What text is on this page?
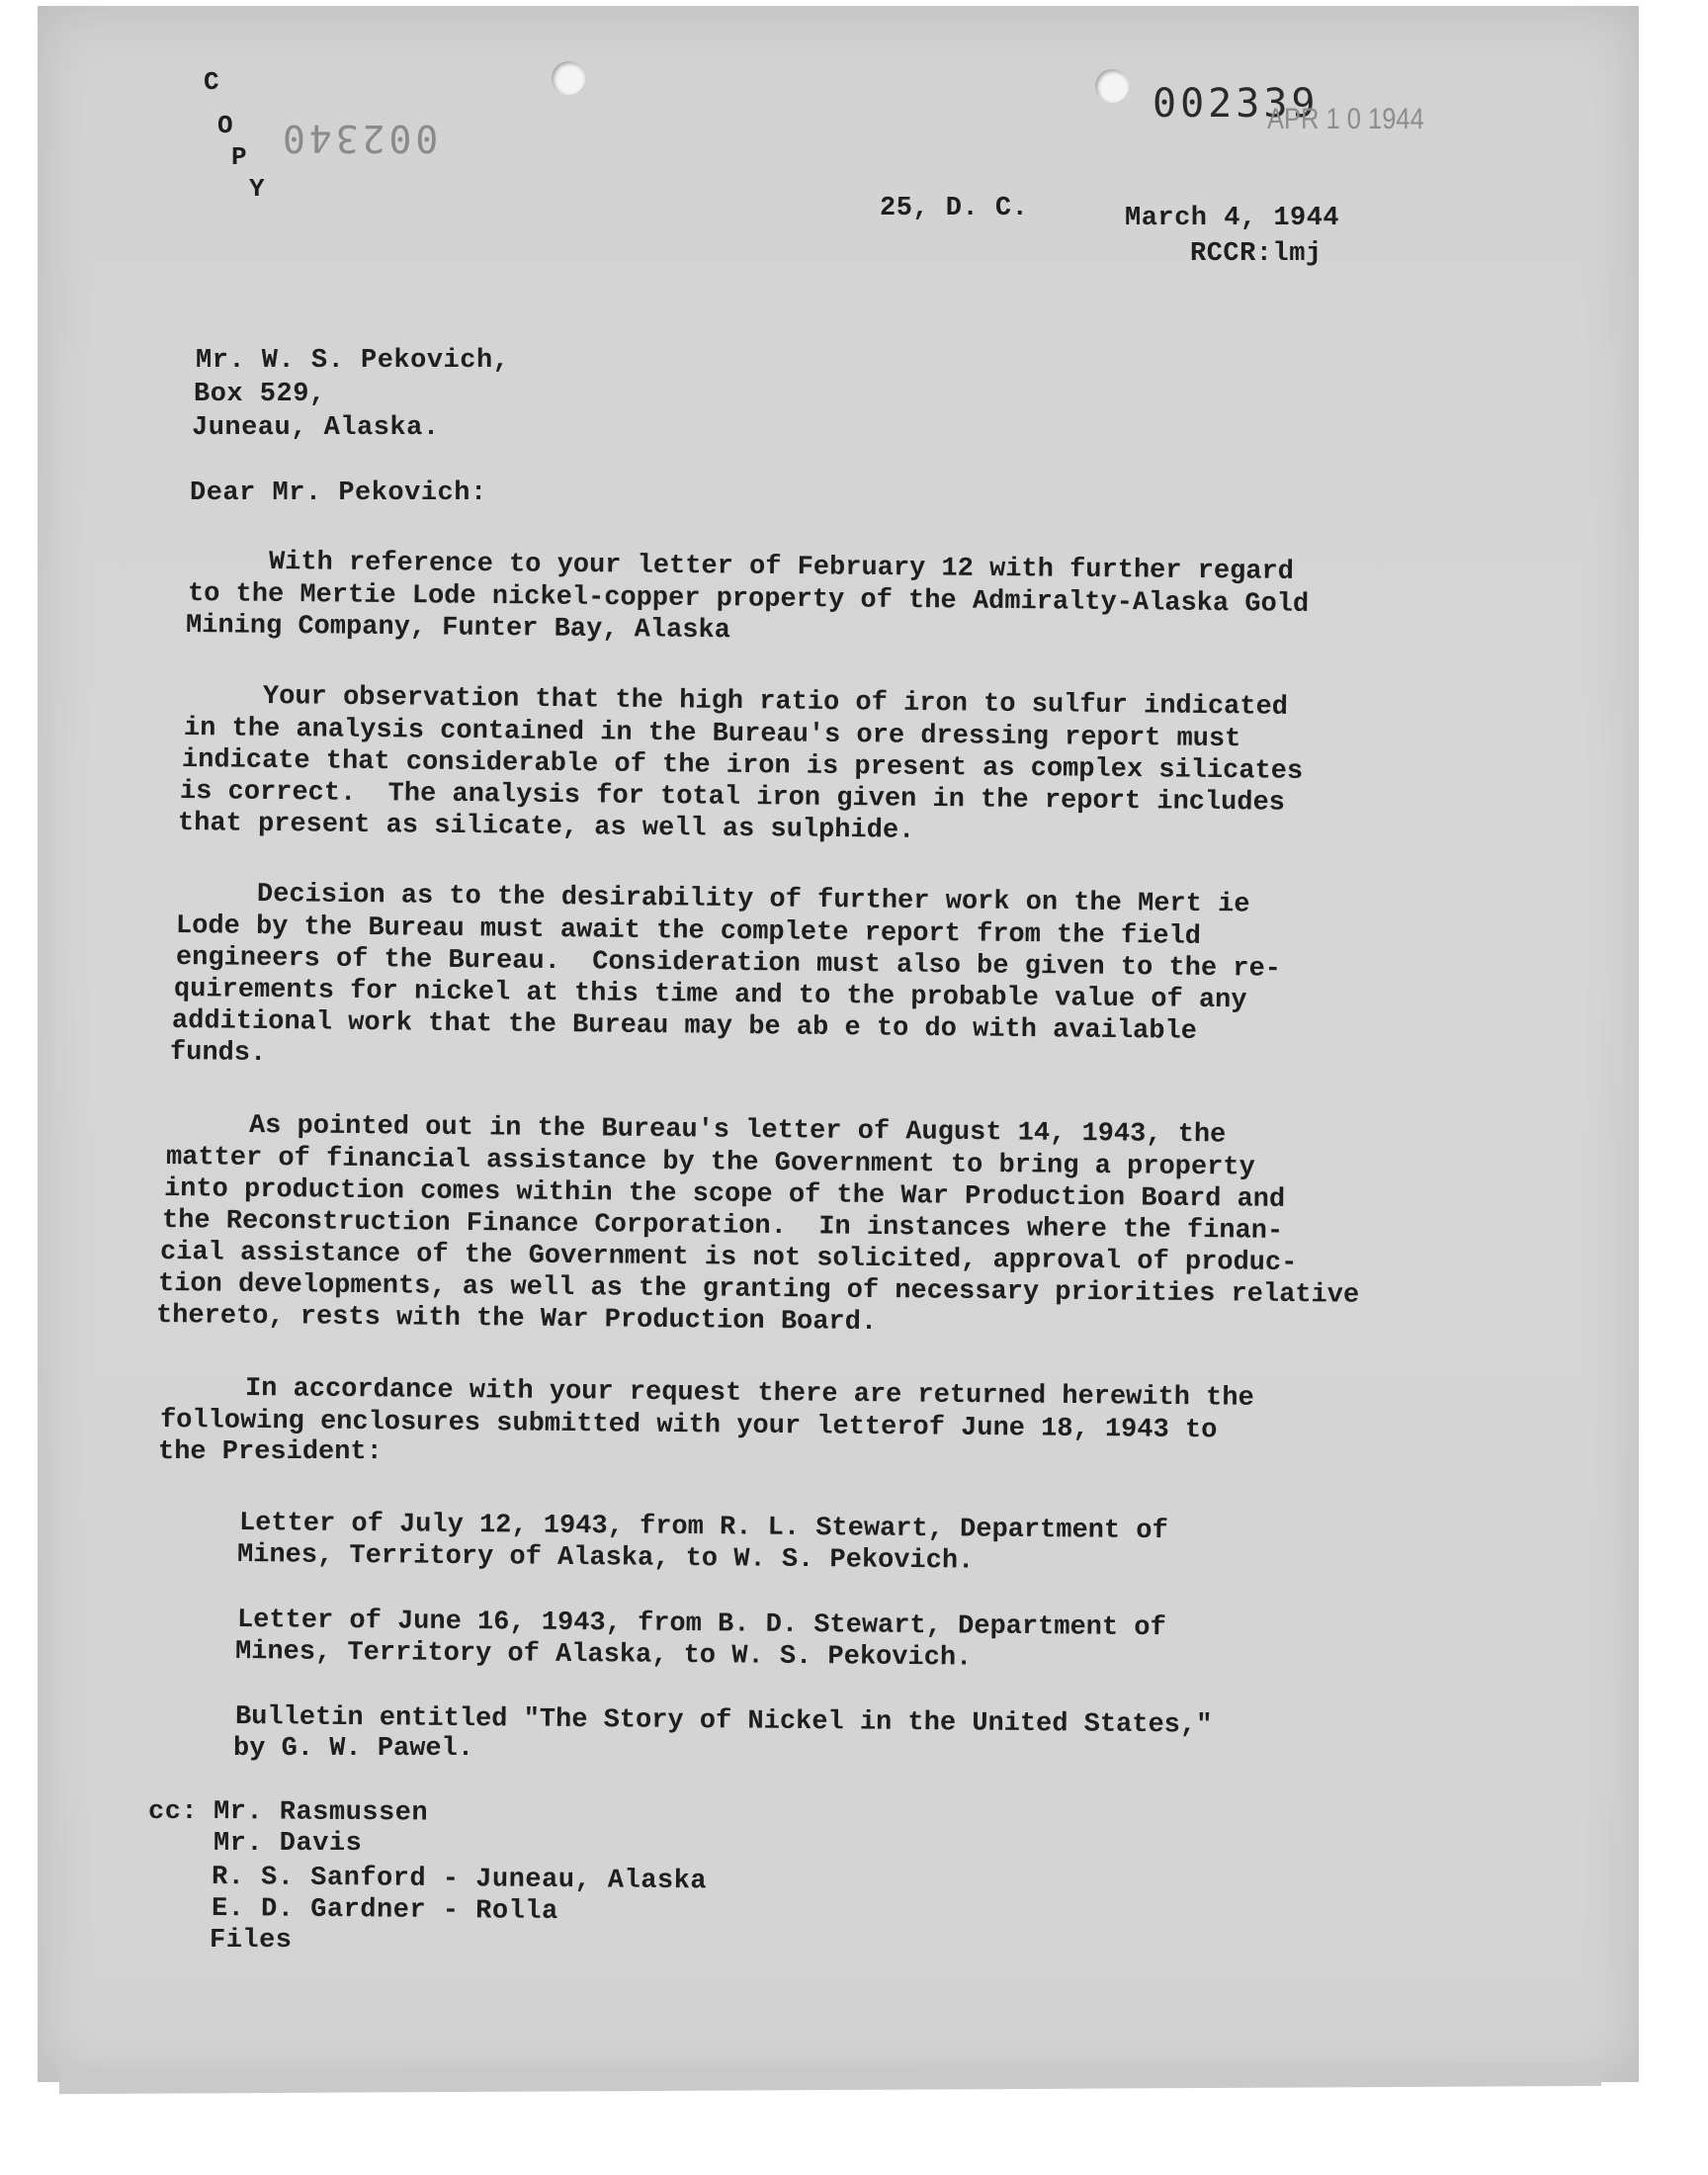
C
O
P
Y
002340
002339
APR 1 0 1944
25, D. C.	March 4, 1944
RCCR:lmj
Mr. W. S. Pekovich,
Box 529,
Juneau, Alaska.
Dear Mr. Pekovich:
With reference to your letter of February 12 with further regard
to the Mertie Lode nickel-copper property of the Admiralty-Alaska Gold
Mining Company, Funter Bay, Alaska
Your observation that the high ratio of iron to sulfur indicated
in the analysis contained in the Bureau's ore dressing report must
indicate that considerable of the iron is present as complex silicates
is correct.  The analysis for total iron given in the report includes
that present as silicate, as well as sulphide.
Decision as to the desirability of further work on the Mert ie
Lode by the Bureau must await the complete report from the field
engineers of the Bureau.  Consideration must also be given to the re-
quirements for nickel at this time and to the probable value of any
additional work that the Bureau may be ab e to do with available
funds.
As pointed out in the Bureau's letter of August 14, 1943, the
matter of financial assistance by the Government to bring a property
into production comes within the scope of the War Production Board and
the Reconstruction Finance Corporation.  In instances where the finan-
cial assistance of the Government is not solicited, approval of produc-
tion developments, as well as the granting of necessary priorities relative
thereto, rests with the War Production Board.
In accordance with your request there are returned herewith the
following enclosures submitted with your letterof June 18, 1943 to
the President:
Letter of July 12, 1943, from R. L. Stewart, Department of
Mines, Territory of Alaska, to W. S. Pekovich.
Letter of June 16, 1943, from B. D. Stewart, Department of
Mines, Territory of Alaska, to W. S. Pekovich.
Bulletin entitled "The Story of Nickel in the United States,"
by G. W. Pawel.
cc: Mr. Rasmussen
Mr. Davis
R. S. Sanford - Juneau, Alaska
E. D. Gardner - Rolla
Files
